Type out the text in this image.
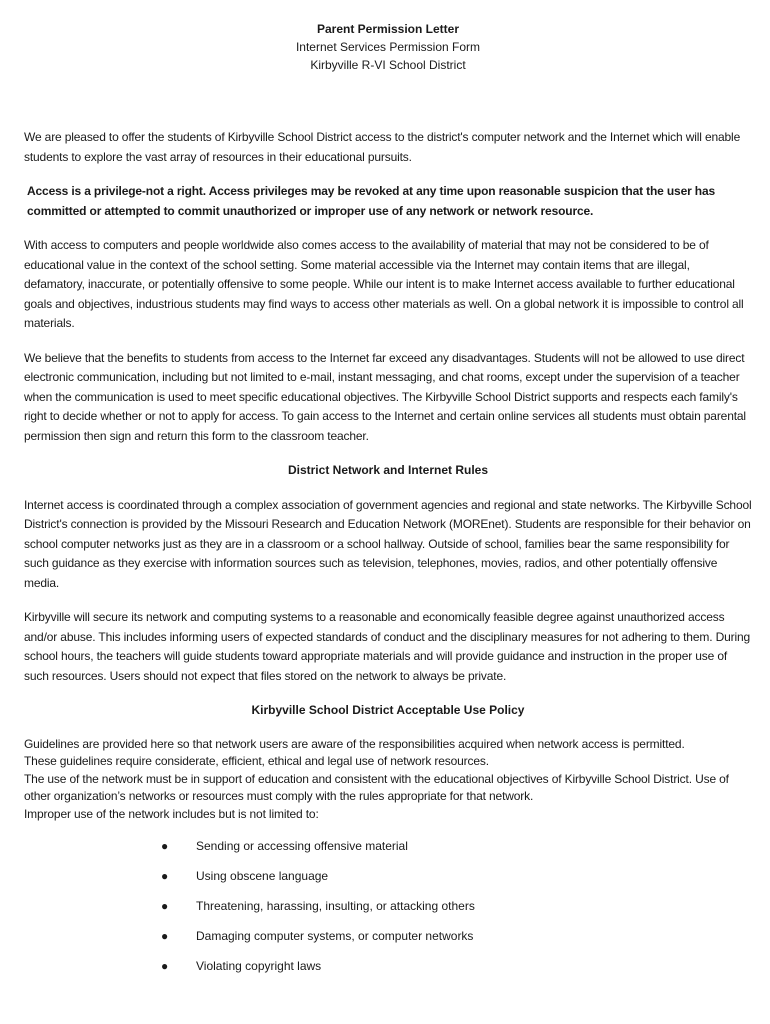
Parent Permission Letter
Internet Services Permission Form
Kirbyville R-VI School District

We are pleased to offer the students of Kirbyville School District access to the district's computer network and the Internet which will enable students to explore the vast array of resources in their educational pursuits.

Access is a privilege-not a right. Access privileges may be revoked at any time upon reasonable suspicion that the user has committed or attempted to commit unauthorized or improper use of any network or network resource.

With access to computers and people worldwide also comes access to the availability of material that may not be considered to be of educational value in the context of the school setting. Some material accessible via the Internet may contain items that are illegal, defamatory, inaccurate, or potentially offensive to some people. While our intent is to make Internet access available to further educational goals and objectives, industrious students may find ways to access other materials as well. On a global network it is impossible to control all materials.

We believe that the benefits to students from access to the Internet far exceed any disadvantages. Students will not be allowed to use direct electronic communication, including but not limited to e-mail, instant messaging, and chat rooms, except under the supervision of a teacher when the communication is used to meet specific educational objectives. The Kirbyville School District supports and respects each family's right to decide whether or not to apply for access. To gain access to the Internet and certain online services all students must obtain parental permission then sign and return this form to the classroom teacher.

District Network and Internet Rules

Internet access is coordinated through a complex association of government agencies and regional and state networks. The Kirbyville School District's connection is provided by the Missouri Research and Education Network (MOREnet). Students are responsible for their behavior on school computer networks just as they are in a classroom or a school hallway. Outside of school, families bear the same responsibility for such guidance as they exercise with information sources such as television, telephones, movies, radios, and other potentially offensive media.

Kirbyville will secure its network and computing systems to a reasonable and economically feasible degree against unauthorized access and/or abuse. This includes informing users of expected standards of conduct and the disciplinary measures for not adhering to them. During school hours, the teachers will guide students toward appropriate materials and will provide guidance and instruction in the proper use of such resources. Users should not expect that files stored on the network to always be private.

Kirbyville School District Acceptable Use Policy

Guidelines are provided here so that network users are aware of the responsibilities acquired when network access is permitted.
These guidelines require considerate, efficient, ethical and legal use of network resources.
The use of the network must be in support of education and consistent with the educational objectives of Kirbyville School District. Use of other organization’s networks or resources must comply with the rules appropriate for that network.
Improper use of the network includes but is not limited to:
● Sending or accessing offensive material
● Using obscene language
● Threatening, harassing, insulting, or attacking others
● Damaging computer systems, or computer networks
● Violating copyright laws
